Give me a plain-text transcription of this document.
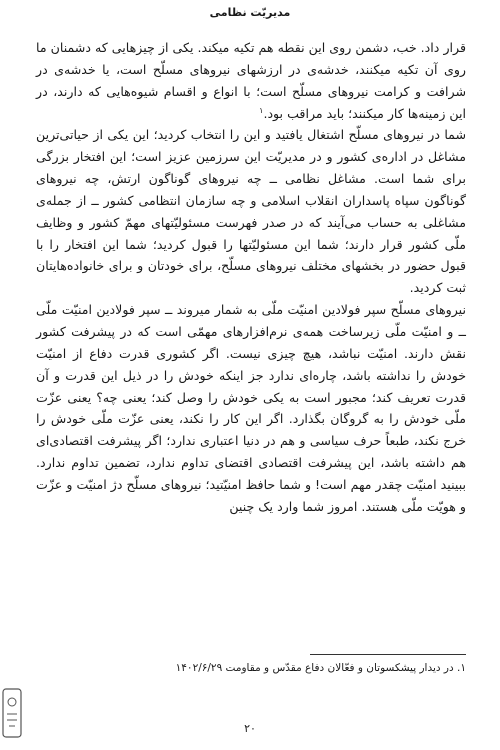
مدیریّت نظامی

قرار داد. خب، دشمن روی این نقطه هم تکیه میکند. یکی از چیزهایی که دشمنان ما روی آن تکیه میکنند، خدشه‌ی در ارزشهای نیروهای مسلّح است، یا خدشه‌ی در شرافت و کرامت نیروهای مسلّح است؛ با انواع و اقسام شیوه‌هایی که دارند، در این زمینه‌ها کار میکنند؛ باید مراقب بود.$^۱$

شما در نیروهای مسلّح اشتغال یافتید و این را انتخاب کردید؛ این یکی از حیاتی‌ترین مشاغل در اداره‌ی کشور و در مدیریّت این سرزمین عزیز است؛ این افتخار بزرگی برای شما است. مشاغل نظامی ــ چه نیروهای گوناگون ارتش، چه نیروهای گوناگون سپاه پاسداران انقلاب اسلامی و چه سازمان انتظامی کشور ــ از جمله‌ی مشاغلی به حساب می‌آیند که در صدر فهرست مسئولیّتهای مهمّ کشور و وظایف ملّی کشور قرار دارند؛ شما این مسئولیّتها را قبول کردید؛ شما این افتخار را با قبول حضور در بخشهای مختلف نیروهای مسلّح، برای خودتان و برای خانواده‌هایتان ثبت کردید.

نیروهای مسلّح سپر فولادین امنیّت ملّی به شمار میروند ــ سپر فولادین امنیّت ملّی ــ و امنیّت ملّی زیرساخت همه‌ی نرم‌افزارهای مهمّی است که در پیشرفت کشور نقش دارند. امنیّت نباشد، هیچ چیزی نیست. اگر کشوری قدرت دفاع از امنیّت خودش را نداشته باشد، چاره‌ای ندارد جز اینکه خودش را در ذیل این قدرت و آن قدرت تعریف کند؛ مجبور است به یکی خودش را وصل کند؛ یعنی چه؟ یعنی عزّت ملّی خودش را به گروگان بگذارد. اگر این کار را نکند، یعنی عزّت ملّی خودش را خرج نکند، طبعاً حرف سیاسی و هم در دنیا اعتباری ندارد؛ اگر پیشرفت اقتصادی‌ای هم داشته باشد، این پیشرفت اقتصادی اقتضای تداوم ندارد، تضمین تداوم ندارد. ببینید امنیّت چقدر مهم است! و شما حافظ امنیّتید؛ نیروهای مسلّح دژ امنیّت و عزّت و هویّت ملّی هستند. امروز شما وارد یک چنین

۱. در دیدار پیشکسوتان و فعّالان دفاع مقدّس و مقاومت ۱۴۰۲/۶/۲۹
۲۰
